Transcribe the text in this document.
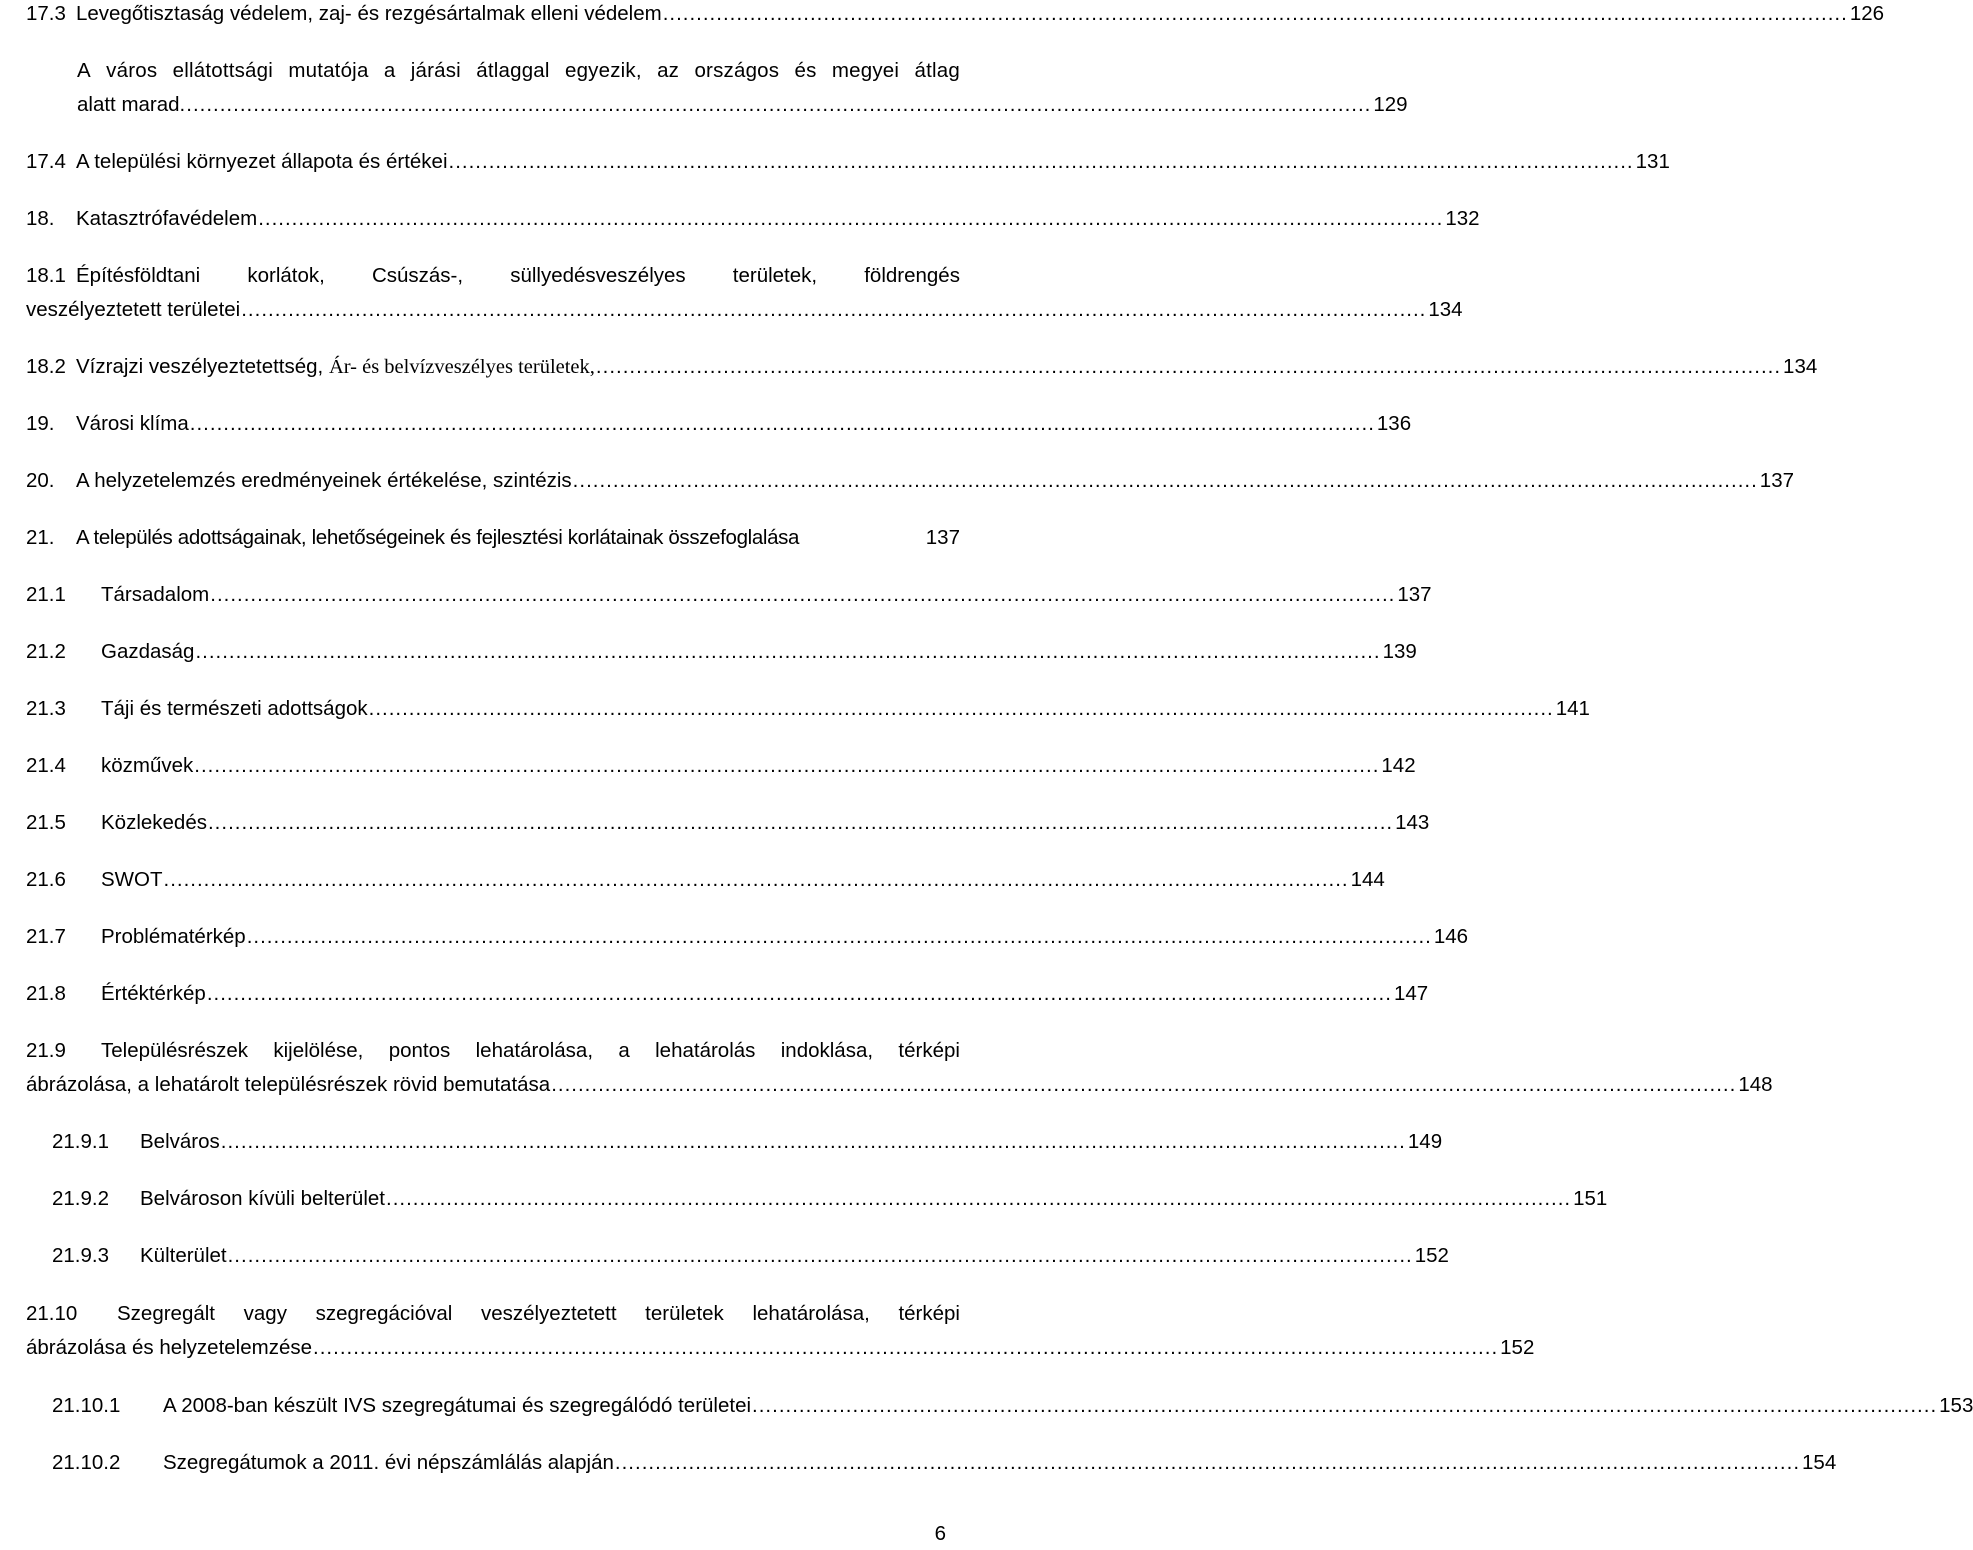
17.3 Levegőtisztaság védelem, zaj- és rezgésártalmak elleni védelem ................................................................................................................................................................................. 126
A város ellátottsági mutatója a járási átlaggal egyezik, az országos és megyei átlag
alatt marad. ................................................................................................................................................................................. 129
17.4 A települési környezet állapota és értékei ................................................................................................................................................................................. 131
18.	Katasztrófavédelem ................................................................................................................................................................................. 132
18.1 Építésföldtani korlátok, Csúszás-, süllyedésveszélyes területek, földrengés
veszélyeztetett területei ................................................................................................................................................................................. 134
18.2 Vízrajzi veszélyeztetettség, Ár- és belvízveszélyes területek, ................................................................................................................................................................................. 134
19.	Városi klíma ................................................................................................................................................................................. 136
20.	A helyzetelemzés eredményeinek értékelése, szintézis ................................................................................................................................................................................. 137
21.	A település adottságainak, lehetőségeinek és fejlesztési korlátainak összefoglalása	137
21.1	Társadalom ................................................................................................................................................................................. 137
21.2	Gazdaság ................................................................................................................................................................................. 139
21.3	Táji és természeti adottságok ................................................................................................................................................................................. 141
21.4	közművek ................................................................................................................................................................................. 142
21.5	Közlekedés ................................................................................................................................................................................. 143
21.6	SWOT ................................................................................................................................................................................. 144
21.7	Problématérkép ................................................................................................................................................................................. 146
21.8	Értéktérkép ................................................................................................................................................................................. 147
21.9	Településrészek kijelölése, pontos lehatárolása, a lehatárolás indoklása, térképi
ábrázolása, a lehatárolt településrészek rövid bemutatása ................................................................................................................................................................................. 148
21.9.1	Belváros ................................................................................................................................................................................. 149
21.9.2	Belvároson kívüli belterület ................................................................................................................................................................................. 151
21.9.3	Külterület ................................................................................................................................................................................. 152
21.10	Szegregált vagy szegregációval veszélyeztetett területek lehatárolása, térképi
ábrázolása és helyzetelemzése ................................................................................................................................................................................. 152
21.10.1	A 2008-ban készült IVS szegregátumai és szegregálódó területei ................................................................................................................................................................................. 153
21.10.2	Szegregátumok a 2011. évi népszámlálás alapján ................................................................................................................................................................................. 154
6
